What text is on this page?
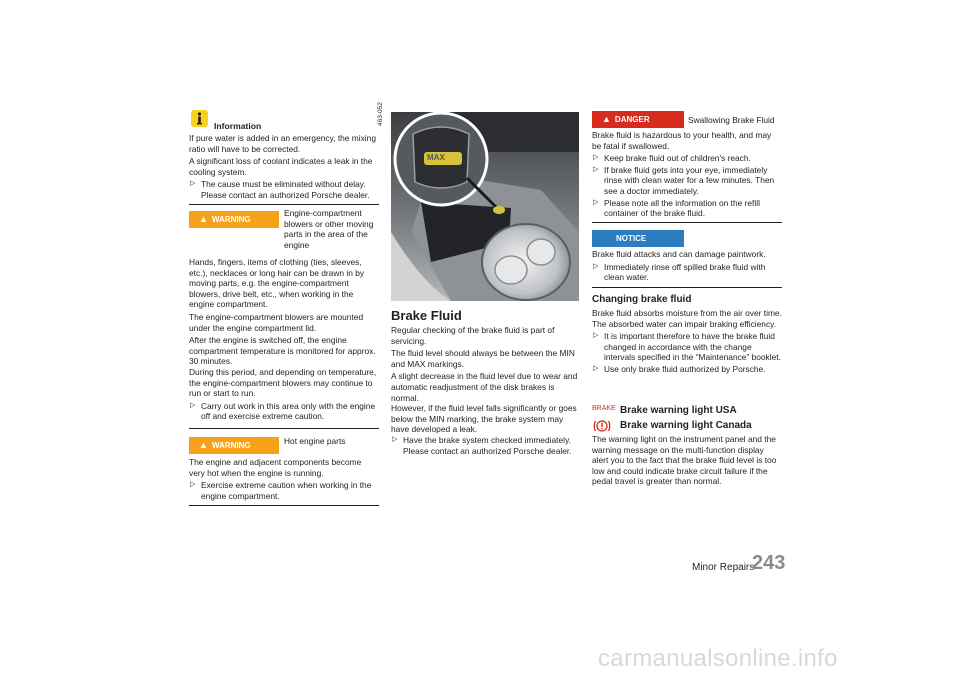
Information

If pure water is added in an emergency, the mixing ratio will have to be corrected.

A significant loss of coolant indicates a leak in the cooling system.

▷ The cause must be eliminated without delay. Please contact an authorized Porsche dealer.
▲ WARNING

Engine-compartment blowers or other moving parts in the area of the engine

Hands, fingers, items of clothing (ties, sleeves, etc.), necklaces or long hair can be drawn in by moving parts, e.g. the engine-compartment blowers, drive belt, etc., when working in the engine compartment.

The engine-compartment blowers are mounted under the engine compartment lid.

After the engine is switched off, the engine compartment temperature is monitored for approx. 30 minutes.

During this period, and depending on temperature, the engine-compartment blowers may continue to run or start to run.

▷ Carry out work in this area only with the engine off and exercise extreme caution.
▲ WARNING	Hot engine parts

The engine and adjacent components become very hot when the engine is running.

▷ Exercise extreme caution when working in the engine compartment.
463-052
MAX
Brake Fluid

Regular checking of the brake fluid is part of servicing.

The fluid level should always be between the MIN and MAX markings.

A slight decrease in the fluid level due to wear and automatic readjustment of the disk brakes is normal.

However, if the fluid level falls significantly or goes below the MIN marking, the brake system may have developed a leak.

▷ Have the brake system checked immediately. Please contact an authorized Porsche dealer.
▲ DANGER	Swallowing Brake Fluid

Brake fluid is hazardous to your health, and may be fatal if swallowed.

▷ Keep brake fluid out of children's reach.
▷ If brake fluid gets into your eye, immediately rinse with clean water for a few minutes. Then see a doctor immediately.
▷ Please note all the information on the refill container of the brake fluid.
NOTICE

Brake fluid attacks and can damage paintwork.

▷ Immediately rinse off spilled brake fluid with clean water.
Changing brake fluid

Brake fluid absorbs moisture from the air over time. The absorbed water can impair braking efficiency.

▷ It is important therefore to have the brake fluid changed in accordance with the change intervals specified in the “Maintenance” booklet.
▷ Use only brake fluid authorized by Porsche.
BRAKE Brake warning light USA
Brake warning light Canada

The warning light on the instrument panel and the warning message on the multi-function display alert you to the fact that the brake fluid level is too low and could indicate brake circuit failure if the pedal travel is greater than normal.

Minor Repairs
243
carmanualsonline.info
